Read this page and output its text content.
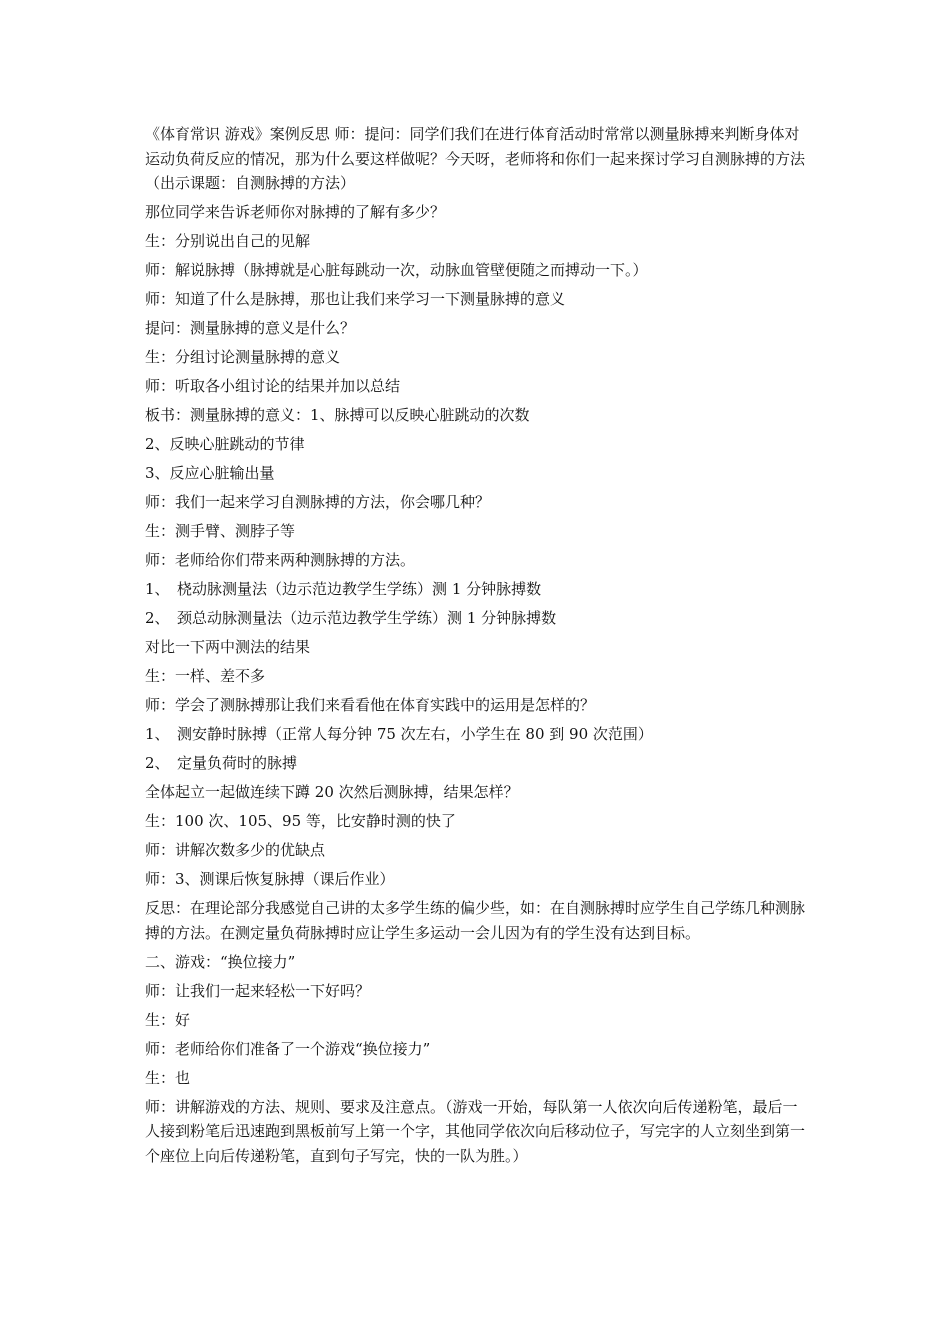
《体育常识 游戏》案例反思 师：提问：同学们我们在进行体育活动时常常以测量脉搏来判断身体对运动负荷反应的情况，那为什么要这样做呢？今天呀，老师将和你们一起来探讨学习自测脉搏的方法（出示课题：自测脉搏的方法）

那位同学来告诉老师你对脉搏的了解有多少？

生：分别说出自己的见解

师：解说脉搏（脉搏就是心脏每跳动一次，动脉血管壁便随之而搏动一下。）

师：知道了什么是脉搏，那也让我们来学习一下测量脉搏的意义

提问：测量脉搏的意义是什么？

生：分组讨论测量脉搏的意义

师：听取各小组讨论的结果并加以总结

板书：测量脉搏的意义：1、脉搏可以反映心脏跳动的次数

2、反映心脏跳动的节律

3、反应心脏输出量

师：我们一起来学习自测脉搏的方法，你会哪几种？

生：测手臂、测脖子等

师：老师给你们带来两种测脉搏的方法。

1、　桡动脉测量法（边示范边教学生学练）测 1 分钟脉搏数

2、　颈总动脉测量法（边示范边教学生学练）测 1 分钟脉搏数

对比一下两中测法的结果

生：一样、差不多

师：学会了测脉搏那让我们来看看他在体育实践中的运用是怎样的？

1、　测安静时脉搏（正常人每分钟 75 次左右，小学生在 80 到 90 次范围）

2、　定量负荷时的脉搏

全体起立一起做连续下蹲 20 次然后测脉搏，结果怎样？

生：100 次、105、95 等，比安静时测的快了

师：讲解次数多少的优缺点

师：3、测课后恢复脉搏（课后作业）

反思：在理论部分我感觉自己讲的太多学生练的偏少些，如：在自测脉搏时应学生自己学练几种测脉搏的方法。在测定量负荷脉搏时应让学生多运动一会儿因为有的学生没有达到目标。

二、游戏：“换位接力”

师：让我们一起来轻松一下好吗？

生：好

师：老师给你们准备了一个游戏“换位接力”

生：也

师：讲解游戏的方法、规则、要求及注意点。（游戏一开始，每队第一人依次向后传递粉笔，最后一人接到粉笔后迅速跑到黑板前写上第一个字，其他同学依次向后移动位子，写完字的人立刻坐到第一个座位上向后传递粉笔，直到句子写完，快的一队为胜。）
